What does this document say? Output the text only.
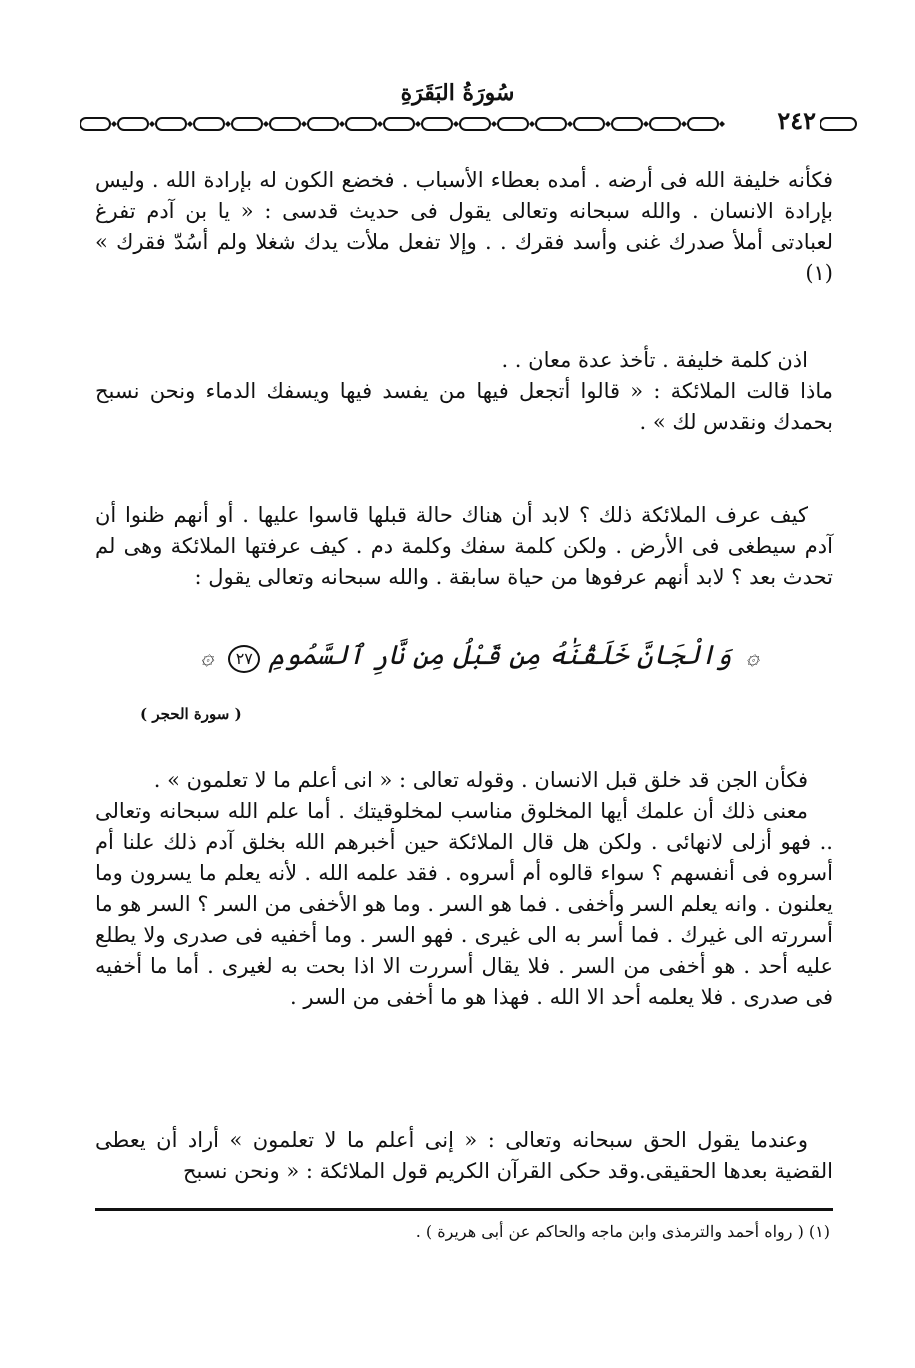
سُورَةُ البَقَرَةِ
٢٤٢

فكأنه خليفة الله فى أرضه . أمده بعطاء الأسباب . فخضع الكون له بإرادة الله . وليس بإرادة الانسان . والله سبحانه وتعالى يقول فى حديث قدسى : « يا بن آدم تفرغ لعبادتى أملأ صدرك غنى وأسد فقرك . . وإلا تفعل ملأت يدك شغلا ولم أسُدّ فقرك » (١)

اذن كلمة خليفة . تأخذ عدة معان . .

ماذا قالت الملائكة : « قالوا أتجعل فيها من يفسد فيها ويسفك الدماء ونحن نسبح بحمدك ونقدس لك » .

كيف عرف الملائكة ذلك ؟ لابد أن هناك حالة قبلها قاسوا عليها . أو أنهم ظنوا أن آدم سيطغى فى الأرض . ولكن كلمة سفك وكلمة دم . كيف عرفتها الملائكة وهى لم تحدث بعد ؟ لابد أنهم عرفوها من حياة سابقة . والله سبحانه وتعالى يقول :

۞ وَالْجَانَّ خَلَقْنَٰهُ مِن قَبْلُ مِن نَّارِ ٱلسَّمُومِ ٢٧ ۞
( سورة الحجر )

فكأن الجن قد خلق قبل الانسان . وقوله تعالى : « انى أعلم ما لا تعلمون » .

معنى ذلك أن علمك أيها المخلوق مناسب لمخلوقيتك . أما علم الله سبحانه وتعالى .. فهو أزلى لانهائى . ولكن هل قال الملائكة حين أخبرهم الله بخلق آدم ذلك علنا أم أسروه فى أنفسهم ؟ سواء قالوه أم أسروه . فقد علمه الله . لأنه يعلم ما يسرون وما يعلنون . وانه يعلم السر وأخفى . فما هو السر . وما هو الأخفى من السر ؟ السر هو ما أسررته الى غيرك . فما أسر به الى غيرى . فهو السر . وما أخفيه فى صدرى ولا يطلع عليه أحد . هو أخفى من السر . فلا يقال أسررت الا اذا بحت به لغيرى . أما ما أخفيه فى صدرى . فلا يعلمه أحد الا الله . فهذا هو ما أخفى من السر .

وعندما يقول الحق سبحانه وتعالى : « إنى أعلم ما لا تعلمون » أراد أن يعطى القضية بعدها الحقيقى.وقد حكى القرآن الكريم قول الملائكة : « ونحن نسبح

(١) ( رواه أحمد والترمذى وابن ماجه والحاكم عن أبى هريرة ) .
